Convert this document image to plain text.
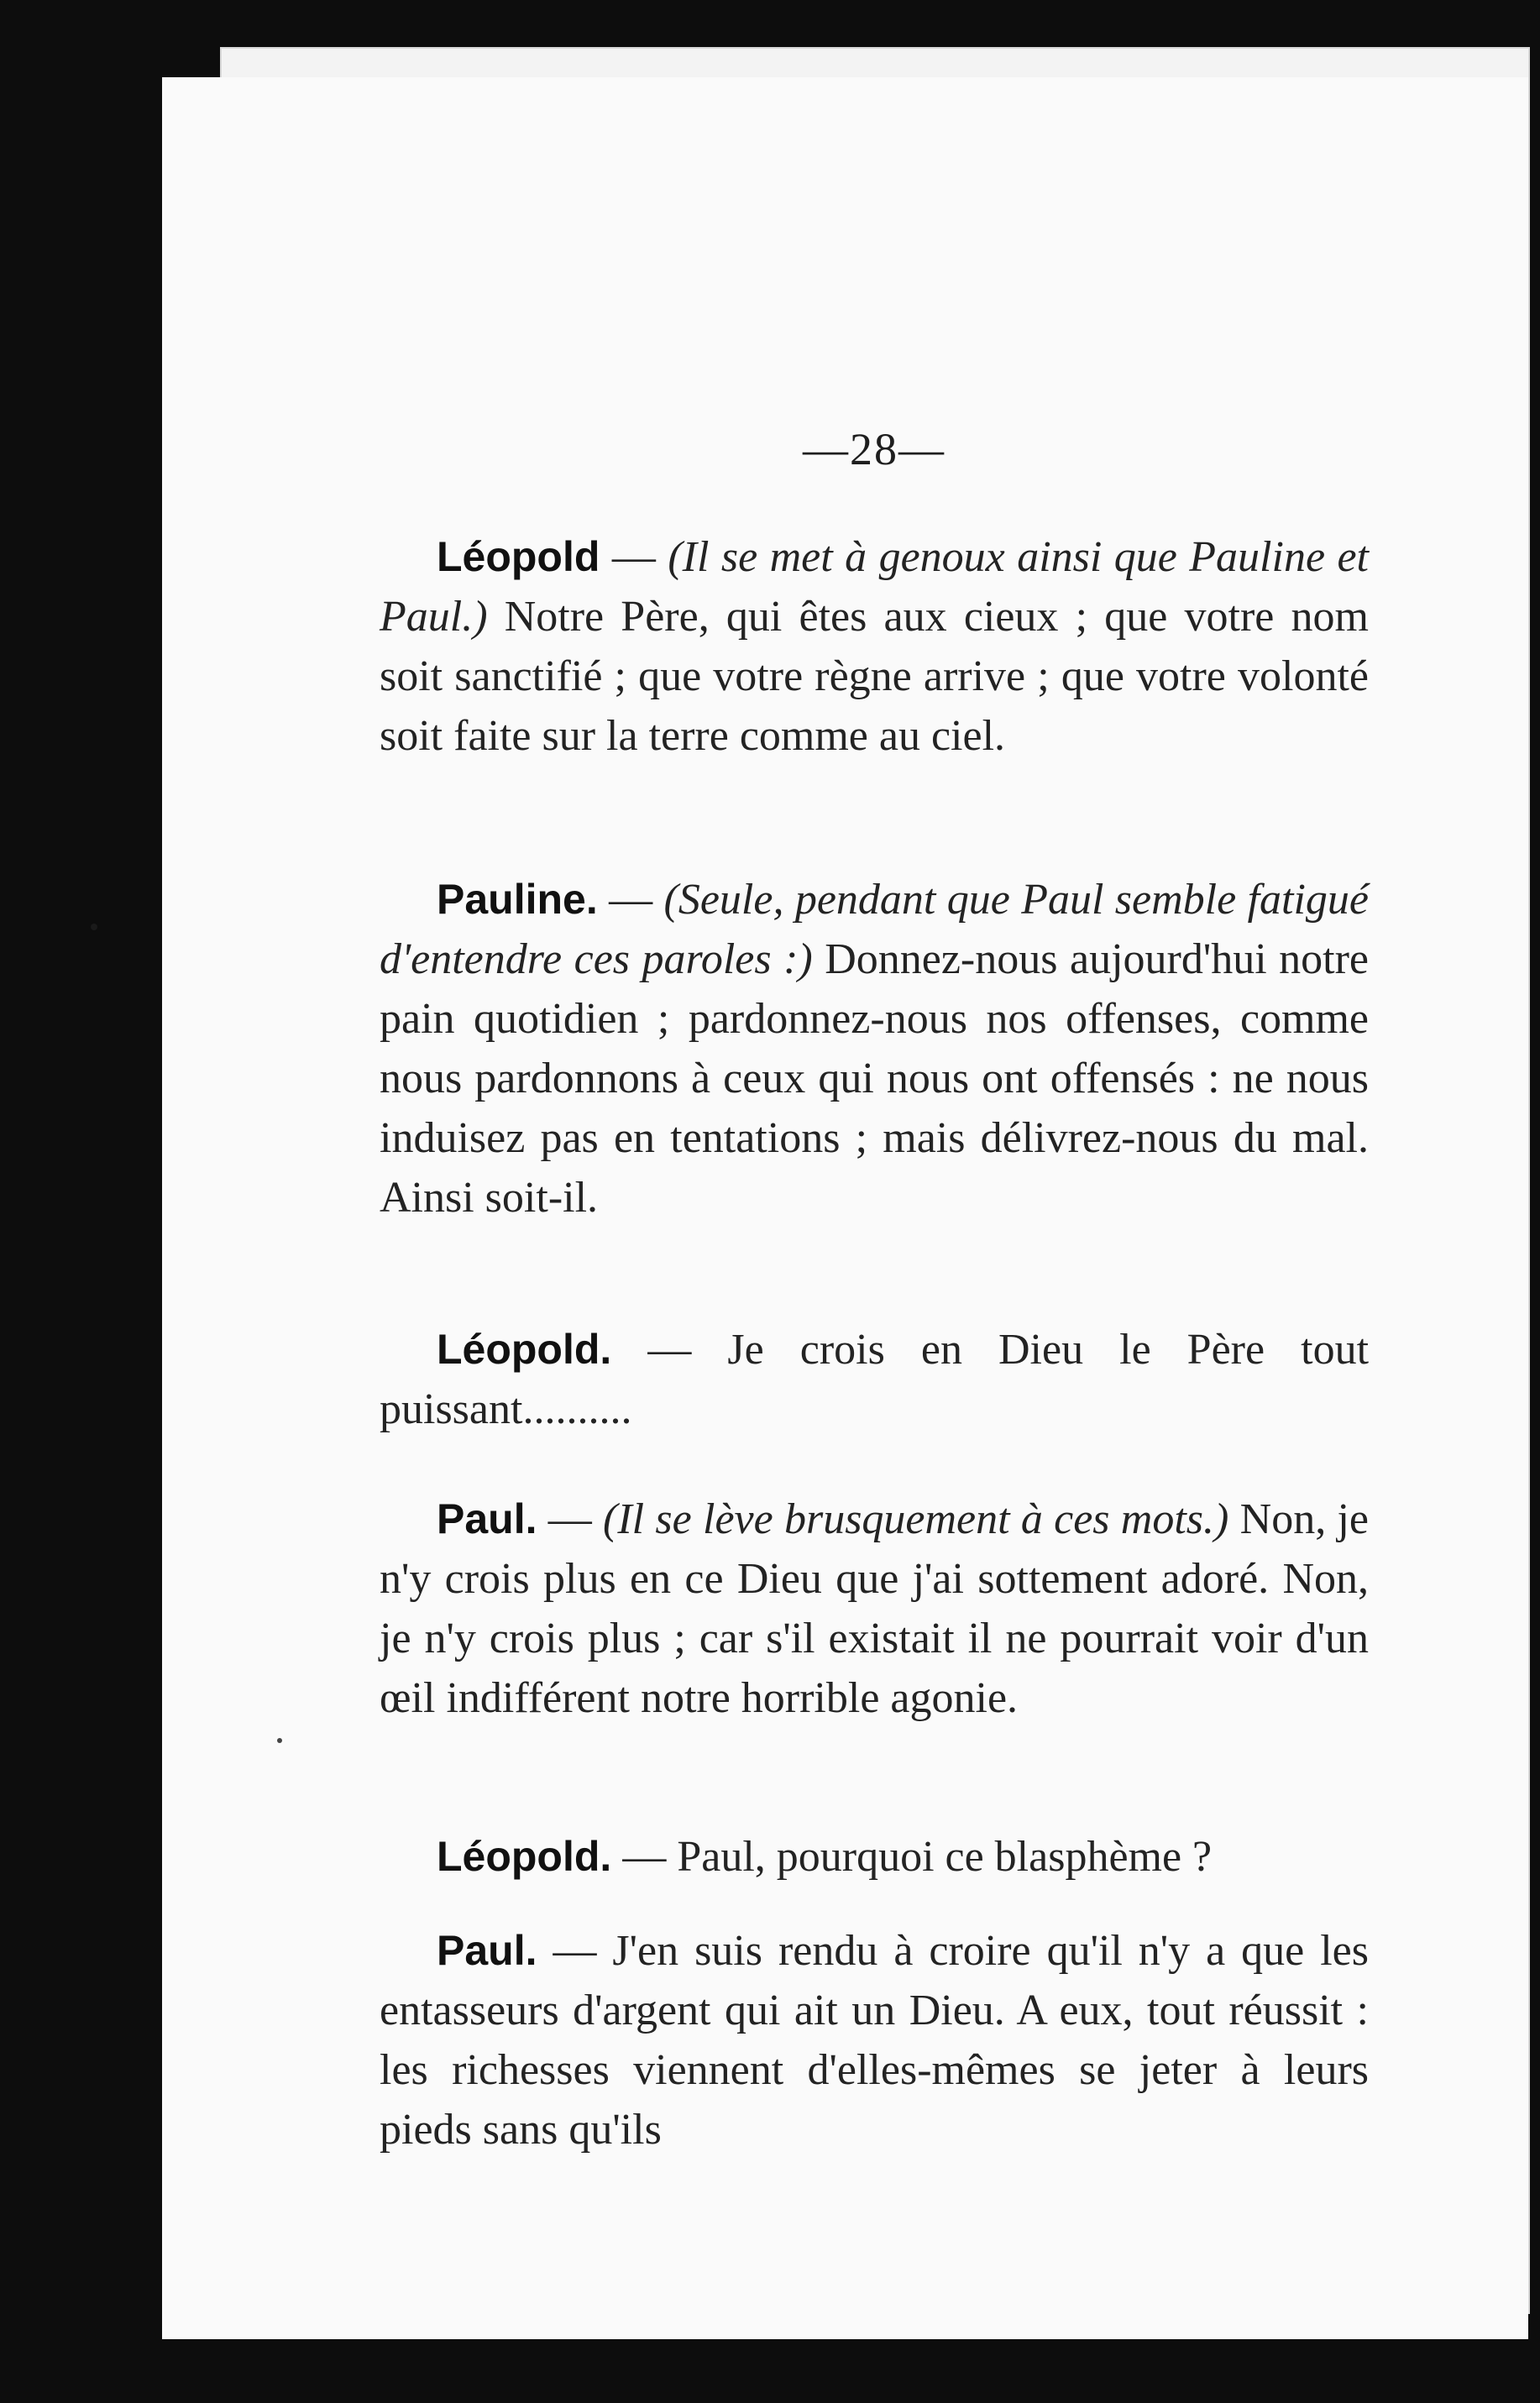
—28—

Léopold — (Il se met à genoux ainsi que Pauline et Paul.) Notre Père, qui êtes aux cieux ; que votre nom soit sanctifié ; que votre règne arrive ; que votre volonté soit faite sur la terre comme au ciel.

Pauline. — (Seule, pendant que Paul semble fatigué d'entendre ces paroles :) Donnez-nous aujourd'hui notre pain quotidien ; pardonnez-nous nos offenses, comme nous pardonnons à ceux qui nous ont offensés : ne nous induisez pas en tentations ; mais délivrez-nous du mal. Ainsi soit-il.

Léopold. — Je crois en Dieu le Père tout puissant..........

Paul. — (Il se lève brusquement à ces mots.) Non, je n'y crois plus en ce Dieu que j'ai sottement adoré. Non, je n'y crois plus ; car s'il existait il ne pourrait voir d'un œil indifférent notre horrible agonie.

Léopold. — Paul, pourquoi ce blasphème ?

Paul. — J'en suis rendu à croire qu'il n'y a que les entasseurs d'argent qui ait un Dieu. A eux, tout réussit : les richesses viennent d'elles-mêmes se jeter à leurs pieds sans qu'ils
